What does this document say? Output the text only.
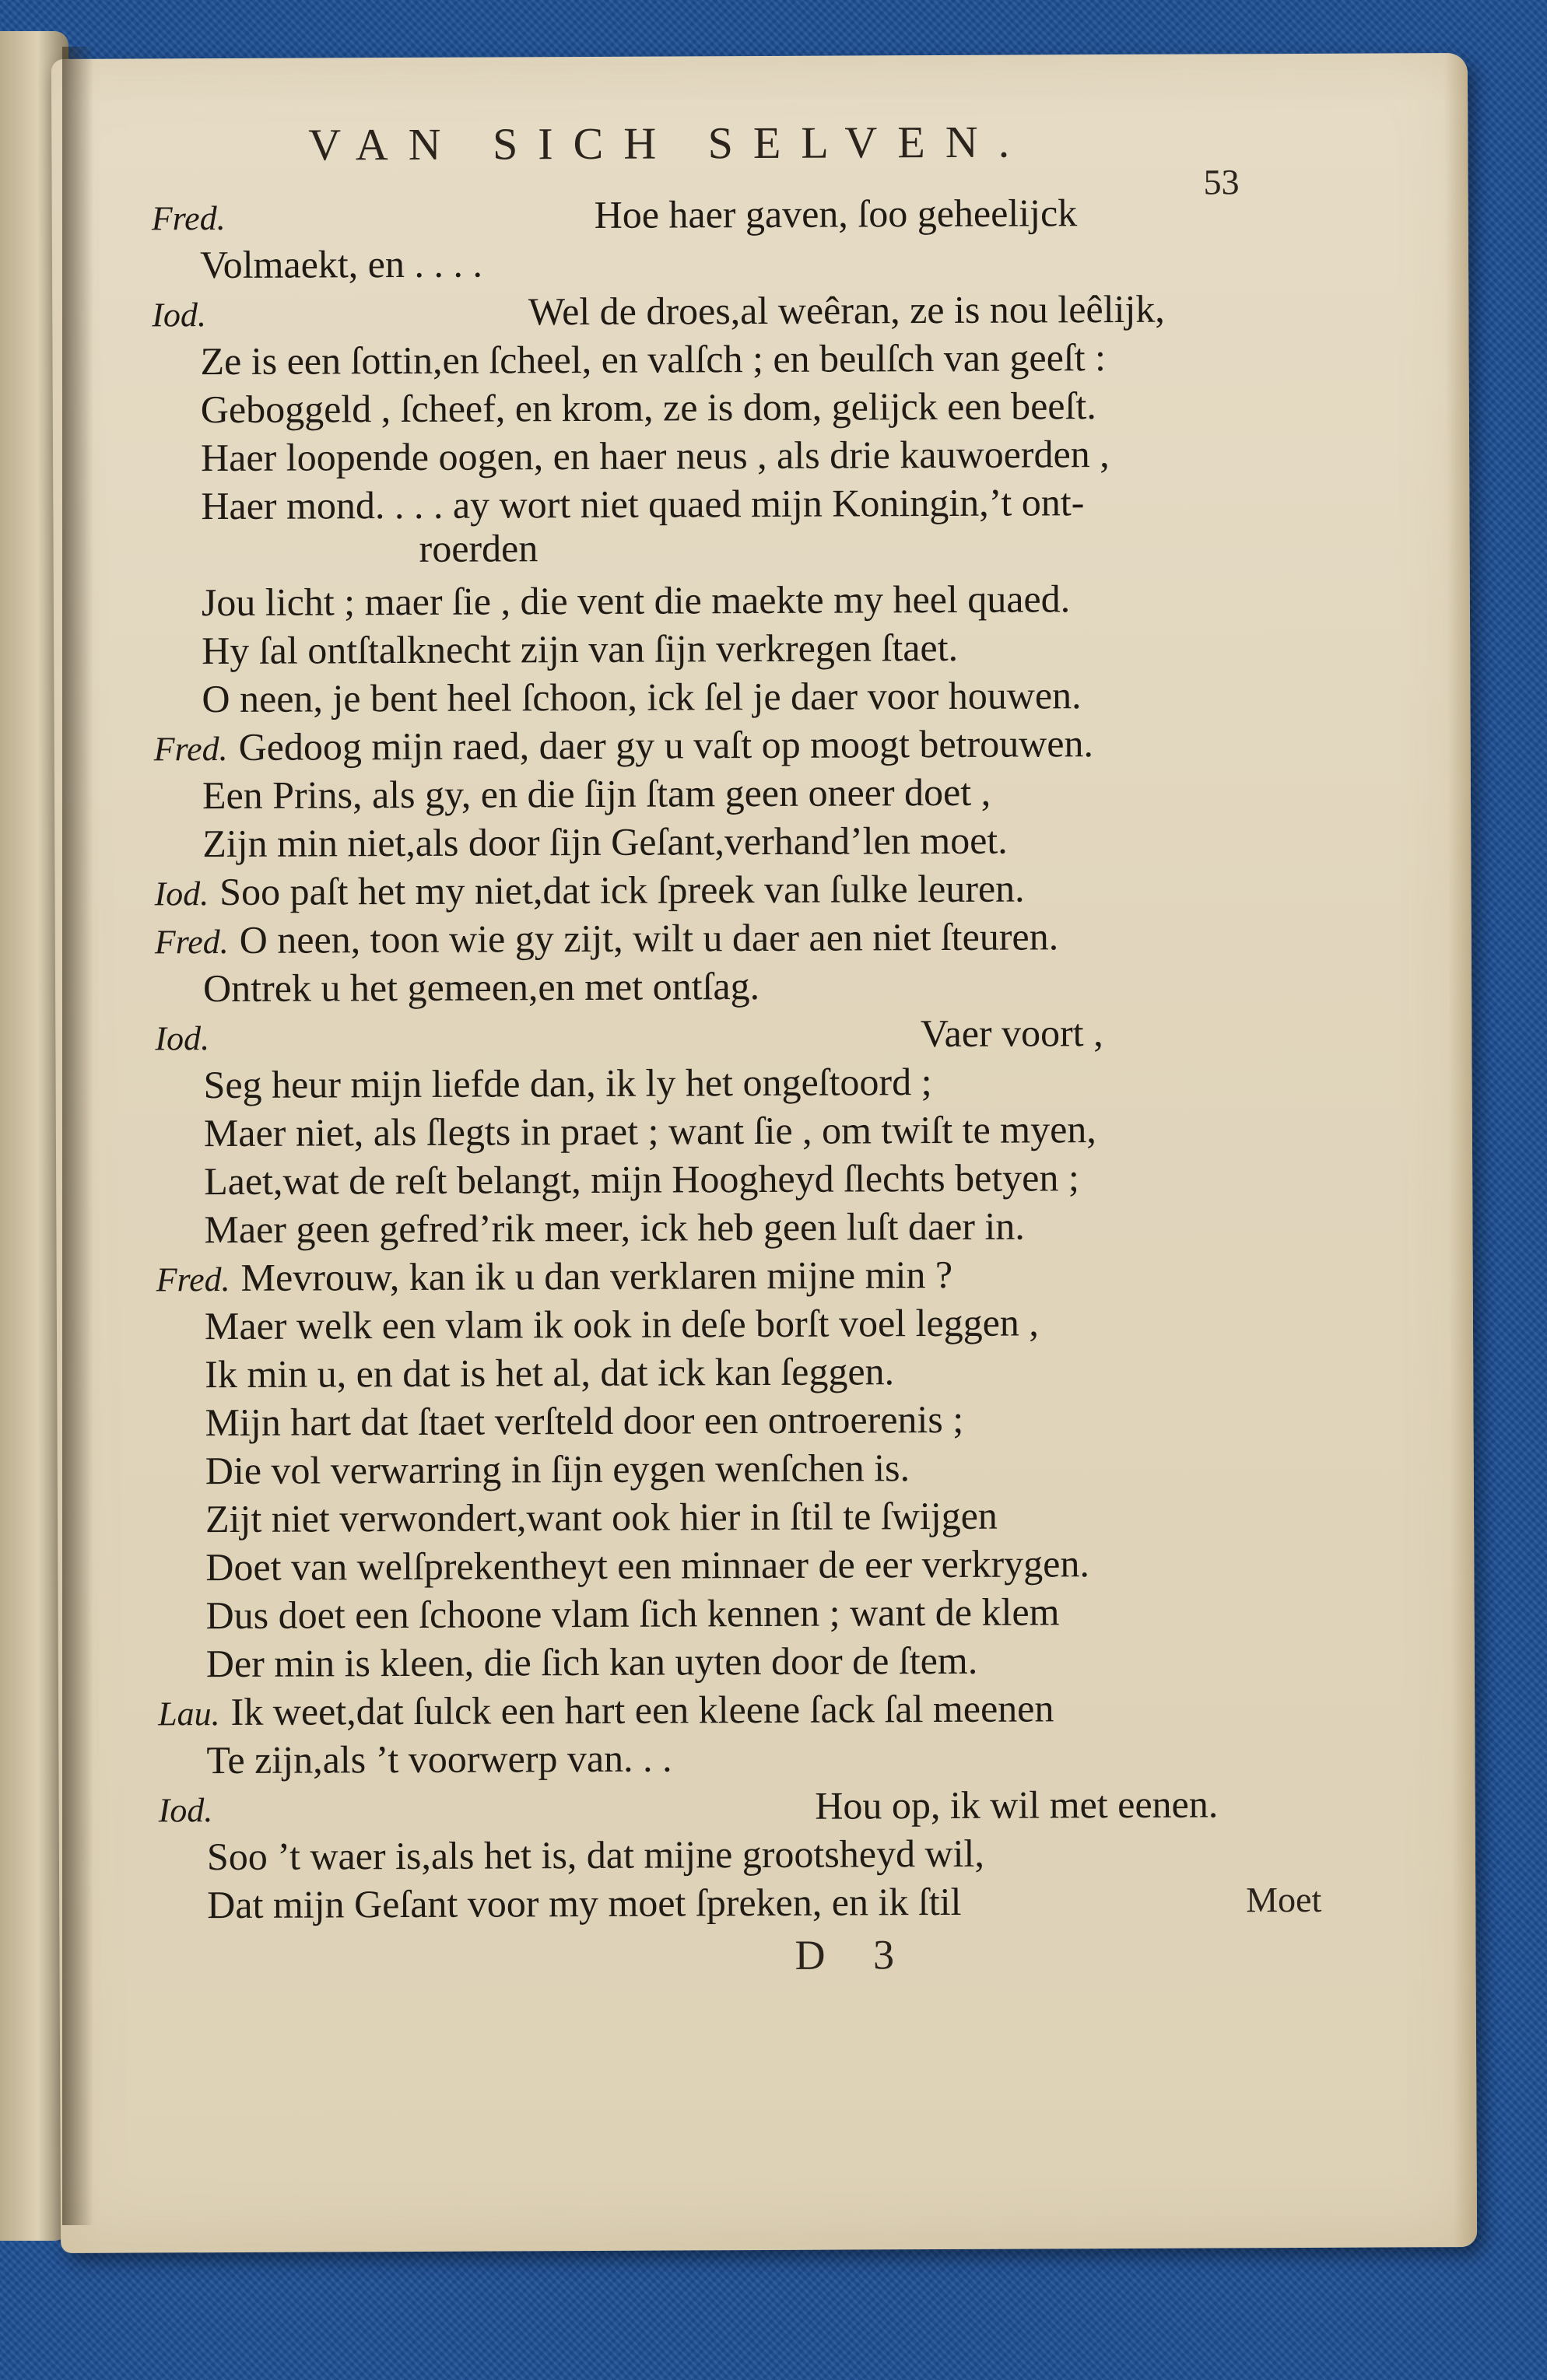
VAN SICH SELVEN.
53
Fred.	Hoe haer gaven, ſoo geheelijck
Volmaekt, en . . . .
Iod.	Wel de droes,al weêran, ze is nou leêlijk,
Ze is een ſottin,en ſcheel, en valſch ; en beulſch van geeſt :
Geboggeld , ſcheef, en krom, ze is dom, gelijck een beeſt.
Haer loopende oogen, en haer neus , als drie kauwoerden ,
Haer mond. . . . ay wort niet quaed mijn Koningin,’t ont-
roerden
Jou licht ; maer ſie , die vent die maekte my heel quaed.
Hy ſal ontſtalknecht zijn van ſijn verkregen ſtaet.
O neen, je bent heel ſchoon, ick ſel je daer voor houwen.
Fred. Gedoog mijn raed, daer gy u vaſt op moogt betrouwen.
Een Prins, als gy, en die ſijn ſtam geen oneer doet ,
Zijn min niet,als door ſijn Geſant,verhand’len moet.
Iod. Soo paſt het my niet,dat ick ſpreek van ſulke leuren.
Fred. O neen, toon wie gy zijt, wilt u daer aen niet ſteuren.
Ontrek u het gemeen,en met ontſag.
Iod.	Vaer voort ,
Seg heur mijn liefde dan, ik ly het ongeſtoord ;
Maer niet, als ſlegts in praet ; want ſie , om twiſt te myen,
Laet,wat de reſt belangt, mijn Hoogheyd ſlechts betyen ;
Maer geen gefred’rik meer, ick heb geen luſt daer in.
Fred. Mevrouw, kan ik u dan verklaren mijne min ?
Maer welk een vlam ik ook in deſe borſt voel leggen ,
Ik min u, en dat is het al, dat ick kan ſeggen.
Mijn hart dat ſtaet verſteld door een ontroerenis ;
Die vol verwarring in ſijn eygen wenſchen is.
Zijt niet verwondert,want ook hier in ſtil te ſwijgen
Doet van welſprekentheyt een minnaer de eer verkrygen.
Dus doet een ſchoone vlam ſich kennen ; want de klem
Der min is kleen, die ſich kan uyten door de ſtem.
Lau. Ik weet,dat ſulck een hart een kleene ſack ſal meenen
Te zijn,als ’t voorwerp van. . .
Iod.	Hou op, ik wil met eenen.
Soo ’t waer is,als het is, dat mijne grootsheyd wil,
Dat mijn Geſant voor my moet ſpreken, en ik ſtil	Moet
D 3
